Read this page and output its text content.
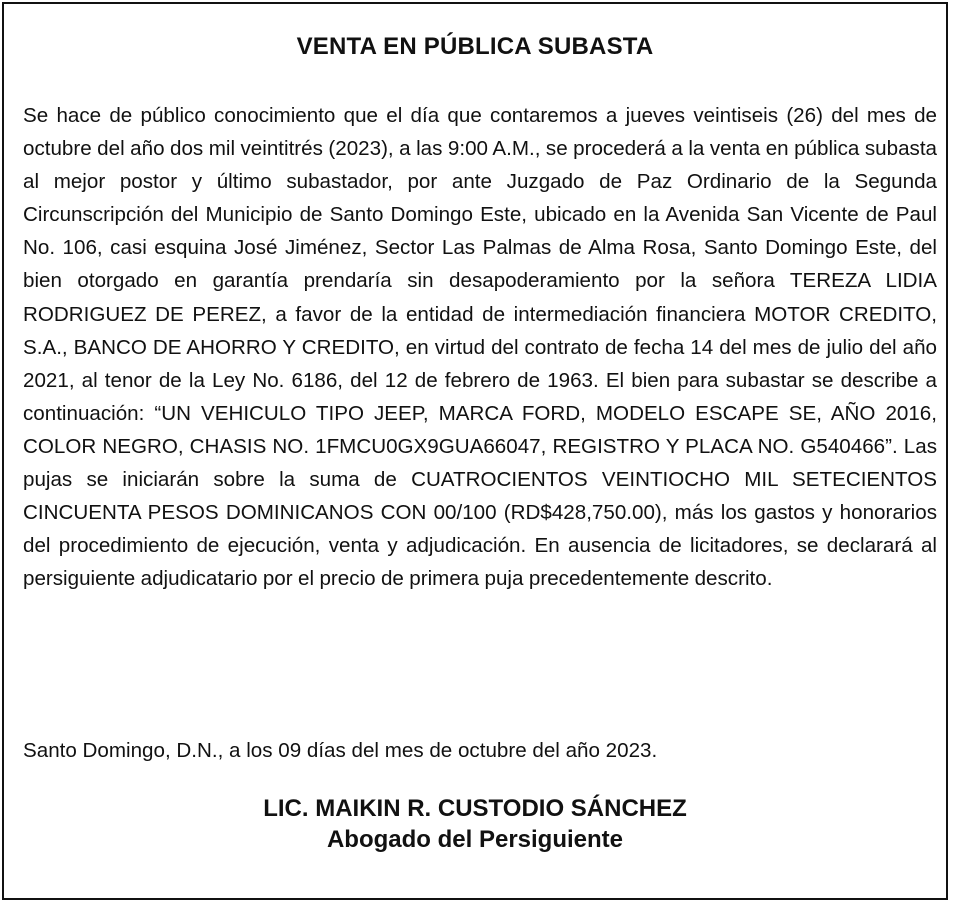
VENTA EN PÚBLICA SUBASTA

Se hace de público conocimiento que el día que contaremos a jueves veintiseis (26) del mes de octubre del año dos mil veintitrés (2023), a las 9:00 A.M., se procederá a la venta en pública subasta al mejor postor y último subastador, por ante Juzgado de Paz Ordinario de la Segunda Circunscripción del Municipio de Santo Domingo Este, ubicado en la Avenida San Vicente de Paul No. 106, casi esquina José Jiménez, Sector Las Palmas de Alma Rosa, Santo Domingo Este, del bien otorgado en garantía prendaría sin desapoderamiento por la señora TEREZA LIDIA RODRIGUEZ DE PEREZ, a favor de la entidad de intermediación financiera MOTOR CREDITO, S.A., BANCO DE AHORRO Y CREDITO, en virtud del contrato de fecha 14 del mes de julio del año 2021, al tenor de la Ley No. 6186, del 12 de febrero de 1963. El bien para subastar se describe a continuación: “UN VEHICULO TIPO JEEP, MARCA FORD, MODELO ESCAPE SE, AÑO 2016, COLOR NEGRO, CHASIS NO. 1FMCU0GX9GUA66047, REGISTRO Y PLACA NO. G540466”. Las pujas se iniciarán sobre la suma de CUATROCIENTOS VEINTIOCHO MIL SETECIENTOS CINCUENTA PESOS DOMINICANOS CON 00/100 (RD$428,750.00), más los gastos y honorarios del procedimiento de ejecución, venta y adjudicación. En ausencia de licitadores, se declarará al persiguiente adjudicatario por el precio de primera puja precedentemente descrito.

Santo Domingo, D.N., a los 09 días del mes de octubre del año 2023.

LIC. MAIKIN R. CUSTODIO SÁNCHEZ
Abogado del Persiguiente
